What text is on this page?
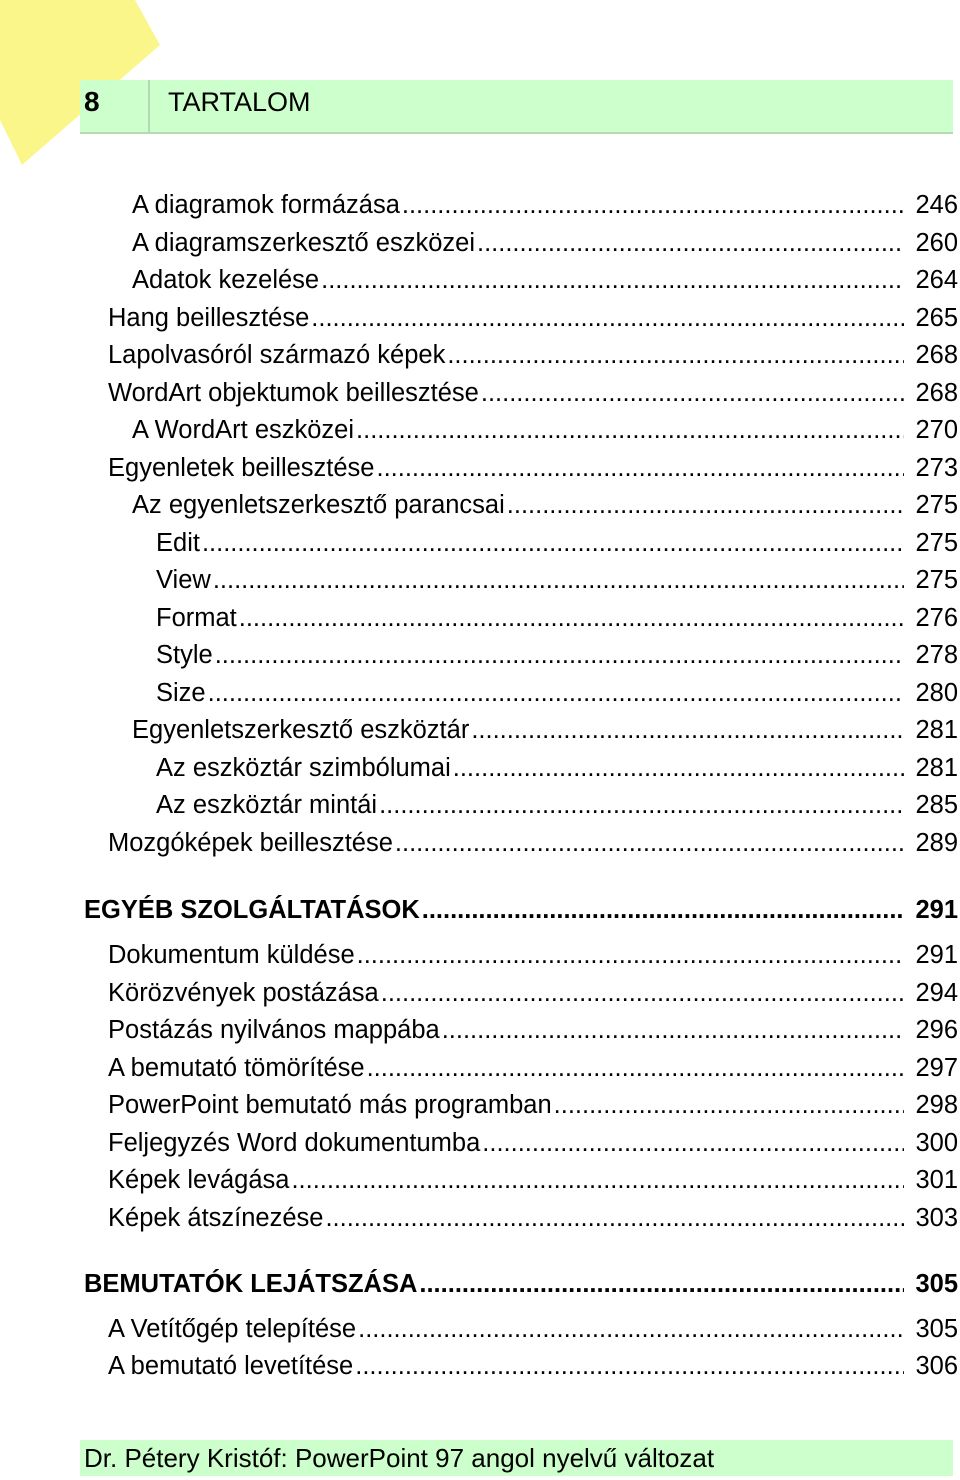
8	TARTALOM
A diagramok formázása .....	246
A diagramszerkesztő eszközei .....	260
Adatok kezelése .....	264
Hang beillesztése .....	265
Lapolvasóról származó képek .....	268
WordArt objektumok beillesztése .....	268
A WordArt eszközei .....	270
Egyenletek beillesztése .....	273
Az egyenletszerkesztő parancsai .....	275
Edit .....	275
View .....	275
Format .....	276
Style .....	278
Size .....	280
Egyenletszerkesztő eszköztár .....	281
Az eszköztár szimbólumai .....	281
Az eszköztár mintái .....	285
Mozgóképek beillesztése .....	289
EGYÉB SZOLGÁLTATÁSOK .....	291
Dokumentum küldése .....	291
Körözvények postázása .....	294
Postázás nyilvános mappába .....	296
A bemutató tömörítése .....	297
PowerPoint bemutató más programban .....	298
Feljegyzés Word dokumentumba .....	300
Képek levágása .....	301
Képek átszínezése .....	303
BEMUTATÓK LEJÁTSZÁSA .....	305
A Vetítőgép telepítése .....	305
A bemutató levetítése .....	306
Dr. Pétery Kristóf: PowerPoint 97 angol nyelvű változat
